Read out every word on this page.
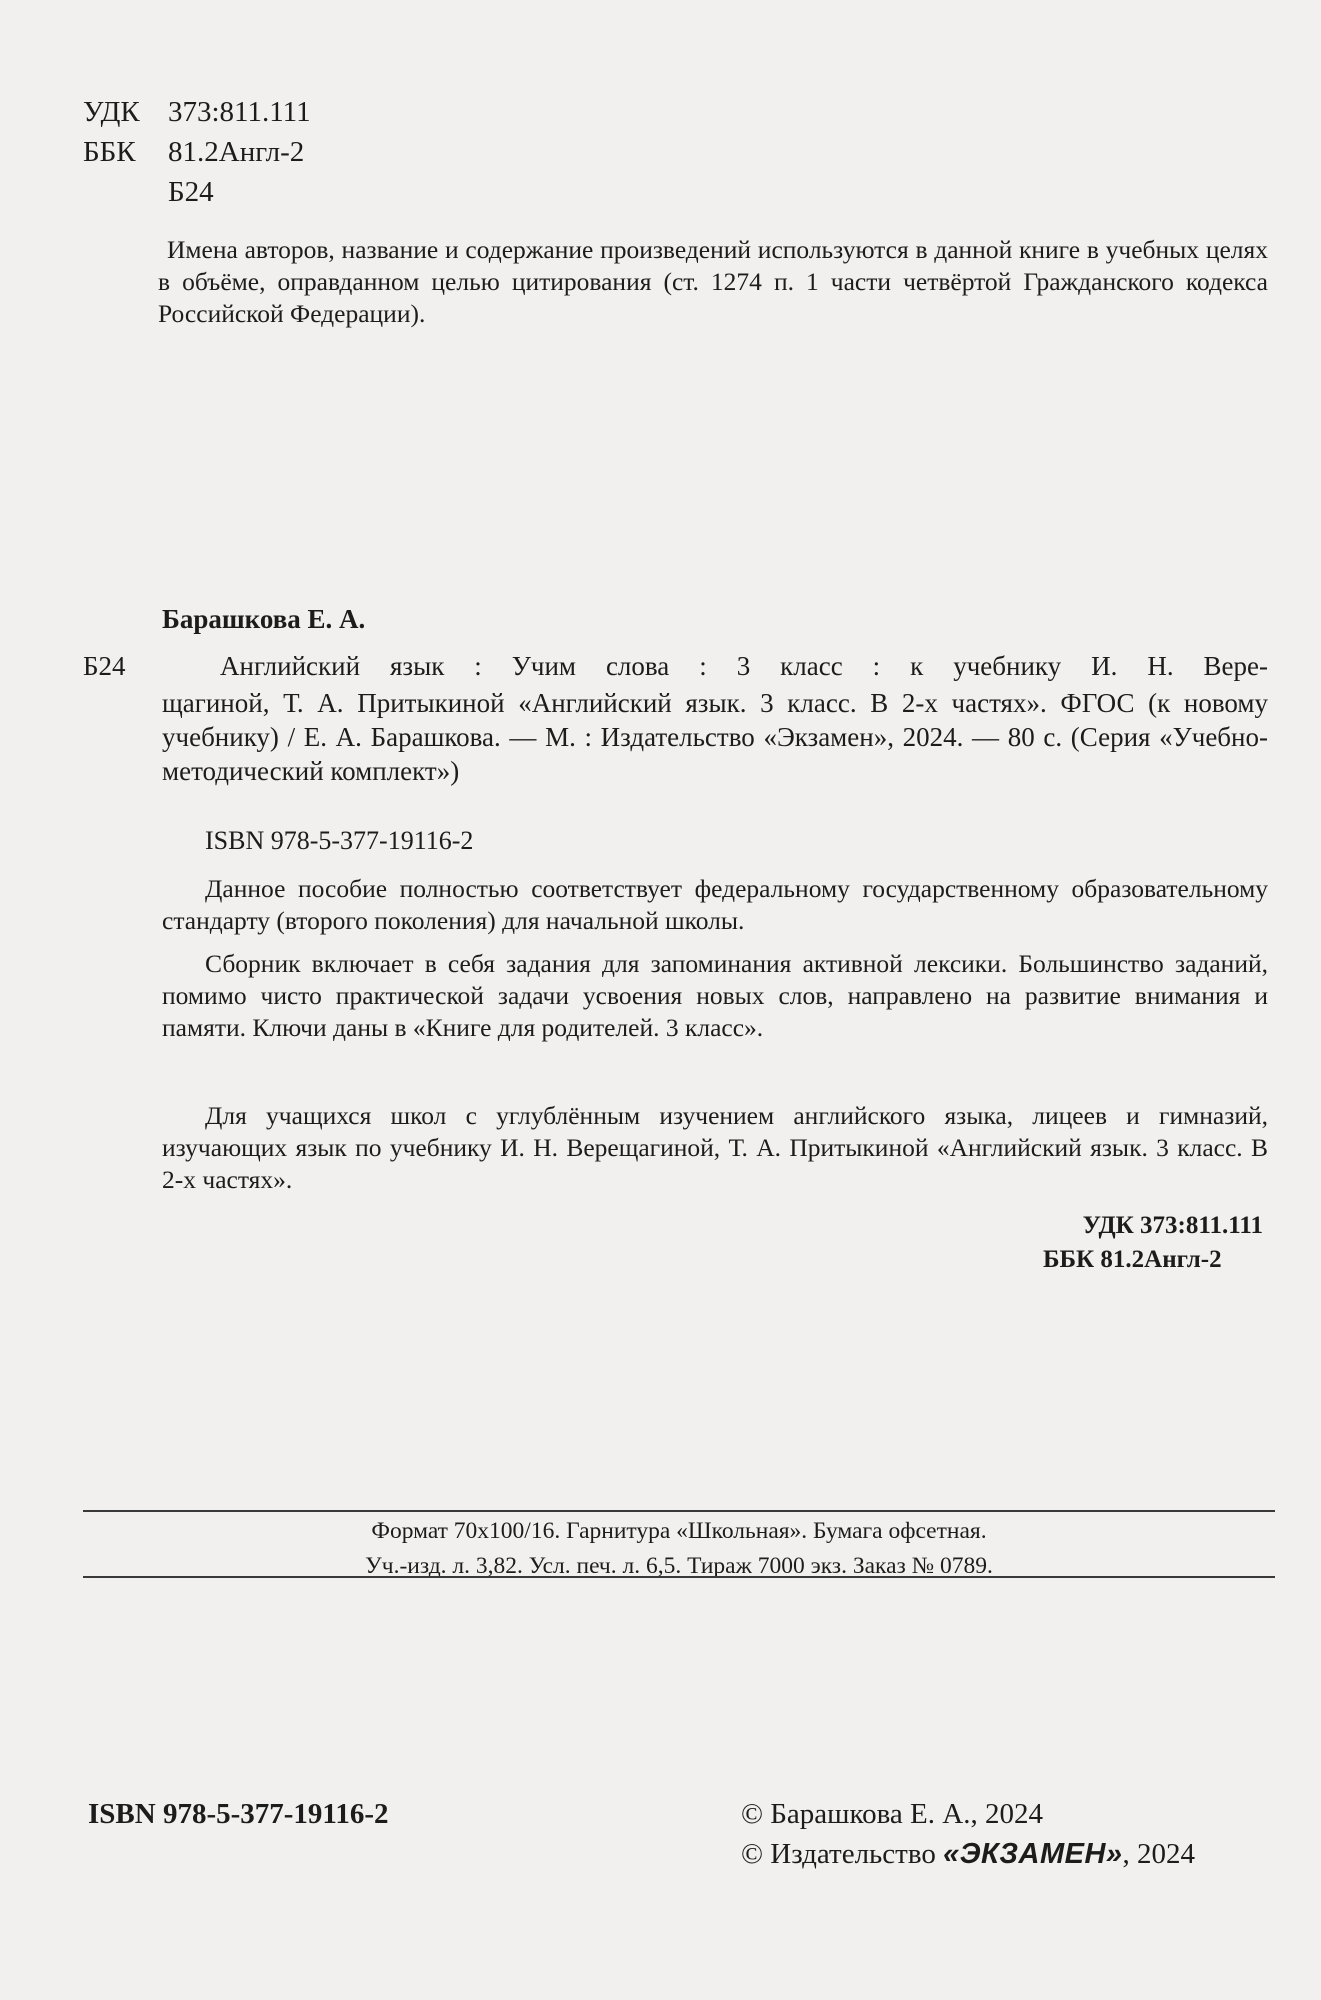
УДК 373:811.111
ББК 81.2Англ-2
Б24
Имена авторов, название и содержание произведений используются в данной книге в учебных целях в объёме, оправданном целью цитирования (ст. 1274 п. 1 части четвёртой Гражданского кодекса Российской Федерации).
Барашкова Е. А.
Б24	Английский язык : Учим слова : 3 класс : к учебнику И. Н. Вере-
щагиной, Т. А. Притыкиной «Английский язык. 3 класс. В 2-х частях». ФГОС (к новому учебнику) / Е. А. Барашкова. — М. : Издательство «Экзамен», 2024. — 80 с. (Серия «Учебно-методический комплект»)
ISBN 978-5-377-19116-2
Данное пособие полностью соответствует федеральному государственному образовательному стандарту (второго поколения) для начальной школы.
Сборник включает в себя задания для запоминания активной лексики. Большинство заданий, помимо чисто практической задачи усвоения новых слов, направлено на развитие внимания и памяти. Ключи даны в «Книге для родителей. 3 класс».
Для учащихся школ с углублённым изучением английского языка, лицеев и гимназий, изучающих язык по учебнику И. Н. Верещагиной, Т. А. Притыкиной «Английский язык. 3 класс. В 2-х частях».
УДК 373:811.111
ББК 81.2Англ-2
Формат 70x100/16. Гарнитура «Школьная». Бумага офсетная.
Уч.-изд. л. 3,82. Усл. печ. л. 6,5. Тираж 7000 экз. Заказ № 0789.
ISBN 978-5-377-19116-2	© Барашкова Е. А., 2024
© Издательство «ЭКЗАМЕН», 2024
